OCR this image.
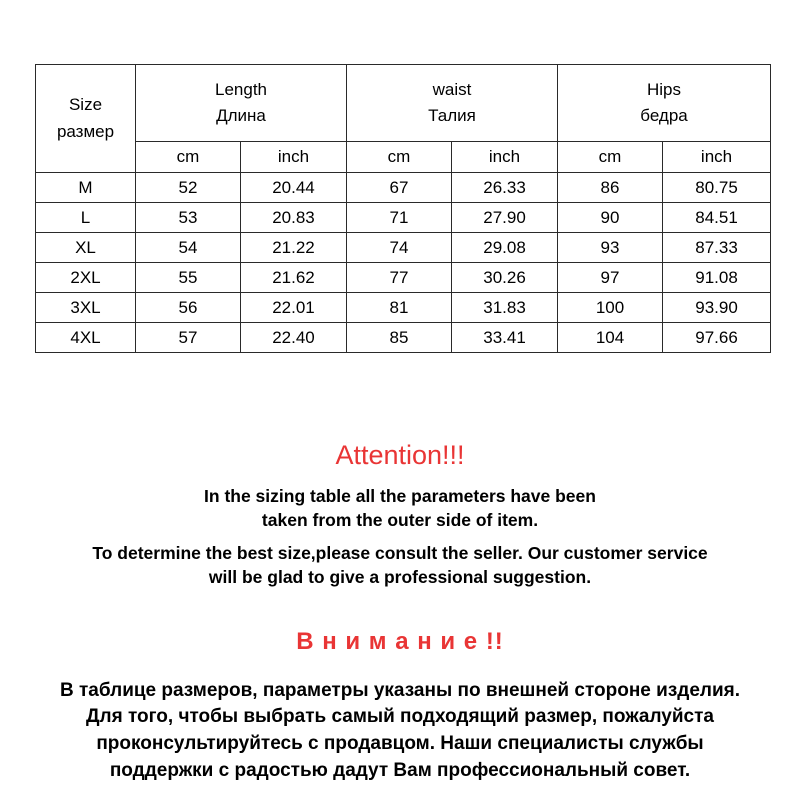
Size
размер

Length
Длина

waist
Талия

Hips
бедра

	cm	inch	cm	inch	cm	inch
M	52	20.44	67	26.33	86	80.75
L	53	20.83	71	27.90	90	84.51
XL	54	21.22	74	29.08	93	87.33
2XL	55	21.62	77	30.26	97	91.08
3XL	56	22.01	81	31.83	100	93.90
4XL	57	22.40	85	33.41	104	97.66
Attention!!!
In the sizing table all the parameters have been
taken from the outer side of item.
To determine the best size,please consult the seller. Our customer service
will be glad to give a professional suggestion.
В н и м а н и е !!
В таблице размеров, параметры указаны по внешней стороне изделия.
Для того, чтобы выбрать самый подходящий размер, пожалуйста
проконсультируйтесь с продавцом. Наши специалисты службы
поддержки с радостью дадут Вам профессиональный совет.
